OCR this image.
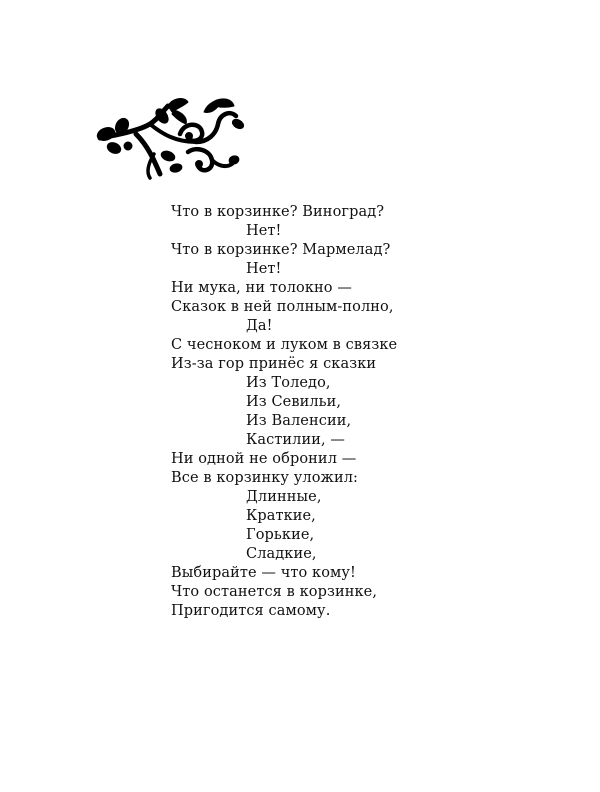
Что в корзинке? Виноград?
Нет!
Что в корзинке? Мармелад?
Нет!
Ни мука, ни толокно —
Сказок в ней полным-полно,
Да!
С чесноком и луком в связке
Из-за гор принёс я сказки
Из Толедо,
Из Севильи,
Из Валенсии,
Кастилии, —
Ни одной не обронил —
Все в корзинку уложил:
Длинные,
Краткие,
Горькие,
Сладкие,
Выбирайте — что кому!
Что останется в корзинке,
Пригодится самому.
